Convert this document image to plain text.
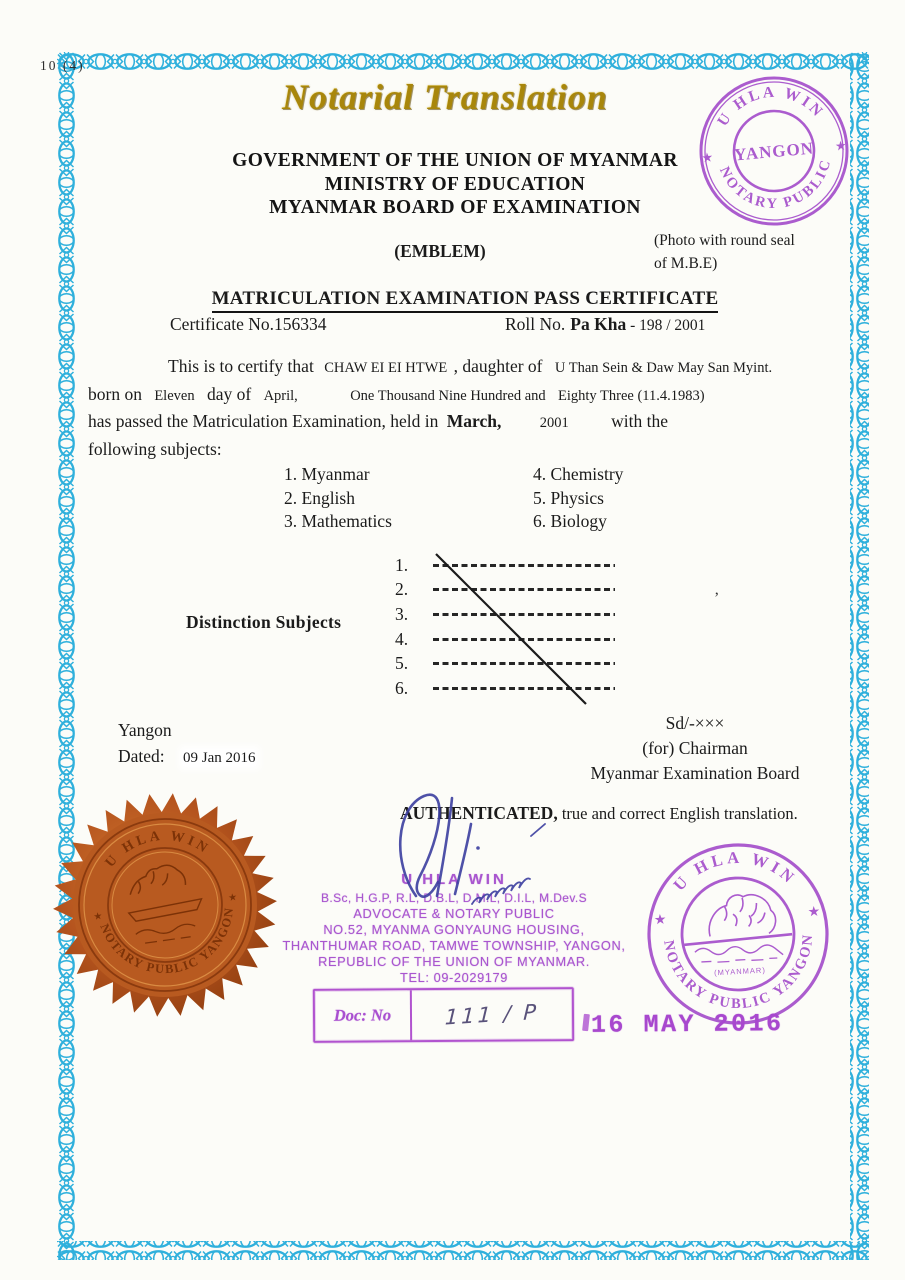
10 (4)
Notarial Translation
GOVERNMENT OF THE UNION OF MYANMAR
MINISTRY OF EDUCATION
MYANMAR BOARD OF EXAMINATION
U HLA WIN
NOTARY PUBLIC
YANGON
★
★
(EMBLEM)
(Photo with round seal
of M.B.E)
MATRICULATION EXAMINATION PASS CERTIFICATE
Certificate No.156334	Roll No. Pa Kha - 198 / 2001
This is to certify that CHAW EI EI HTWE , daughter of U Than Sein & Daw May San Myint.
born on Eleven day of April,	One Thousand Nine Hundred and Eighty Three (11.4.1983)
has passed the Matriculation Examination, held in March,	2001 with the
following subjects:
1. Myanmar
2. English
3. Mathematics
4. Chemistry
5. Physics
6. Biology
Distinction Subjects
1.
2.
3.
4.
5.
6.
’
Yangon
Dated: 09 Jan 2016
Sd/-×××
(for) Chairman
Myanmar Examination Board
AUTHENTICATED, true and correct English translation.
U HLA WIN
B.Sc, H.G.P, R.L, D.B.L, D.M.L, D.I.L, M.Dev.S
ADVOCATE & NOTARY PUBLIC
NO.52, MYANMA GONYAUNG HOUSING,
THANTHUMAR ROAD, TAMWE TOWNSHIP, YANGON,
REPUBLIC OF THE UNION OF MYANMAR.
TEL: 09-2029179
U HLA WIN
NOTARY PUBLIC YANGON
★
★
(MYANMAR)
Doc: No	111 / P	16 MAY 2016
U HLA WIN
NOTARY PUBLIC YANGON
★
★
